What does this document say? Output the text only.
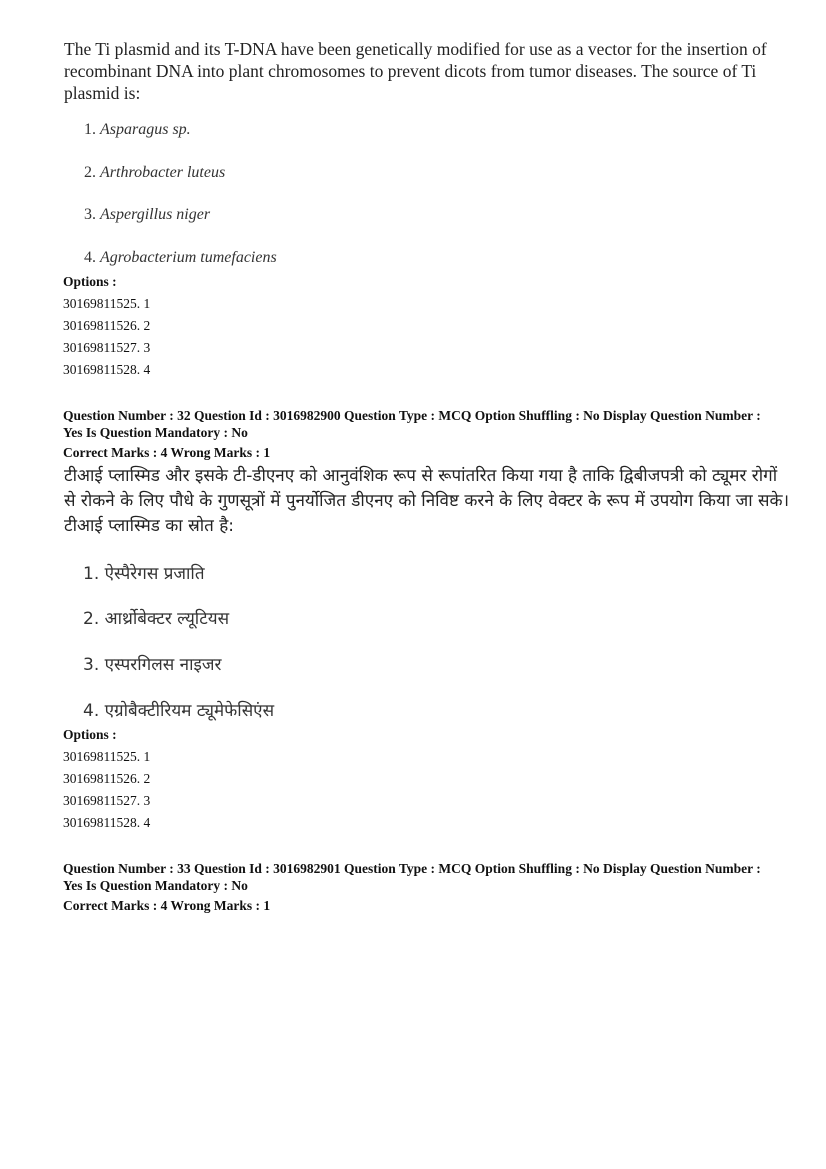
The Ti plasmid and its T-DNA have been genetically modified for use as a vector for the insertion of recombinant DNA into plant chromosomes to prevent dicots from tumor diseases. The source of Ti plasmid is:
1. Asparagus sp.
2. Arthrobacter luteus
3. Aspergillus niger
4. Agrobacterium tumefaciens
Options :
30169811525. 1
30169811526. 2
30169811527. 3
30169811528. 4
Question Number : 32 Question Id : 3016982900 Question Type : MCQ Option Shuffling : No Display Question Number : Yes Is Question Mandatory : No
Correct Marks : 4 Wrong Marks : 1
टीआई प्लास्मिड और इसके टी-डीएनए को आनुवंशिक रूप से रूपांतरित किया गया है ताकि द्विबीजपत्री को ट्यूमर रोगों से रोकने के लिए पौधे के गुणसूत्रों में पुनर्योजित डीएनए को निविष्ट करने के लिए वेक्टर के रूप में उपयोग किया जा सके। टीआई प्लास्मिड का स्रोत है:
1. ऐस्पैरेगस प्रजाति
2. आर्थ्रोबेक्टर ल्यूटियस
3. एस्परगिलस नाइजर
4. एग्रोबैक्टीरियम ट्यूमेफेसिएंस
Options :
30169811525. 1
30169811526. 2
30169811527. 3
30169811528. 4
Question Number : 33 Question Id : 3016982901 Question Type : MCQ Option Shuffling : No Display Question Number : Yes Is Question Mandatory : No
Correct Marks : 4 Wrong Marks : 1
